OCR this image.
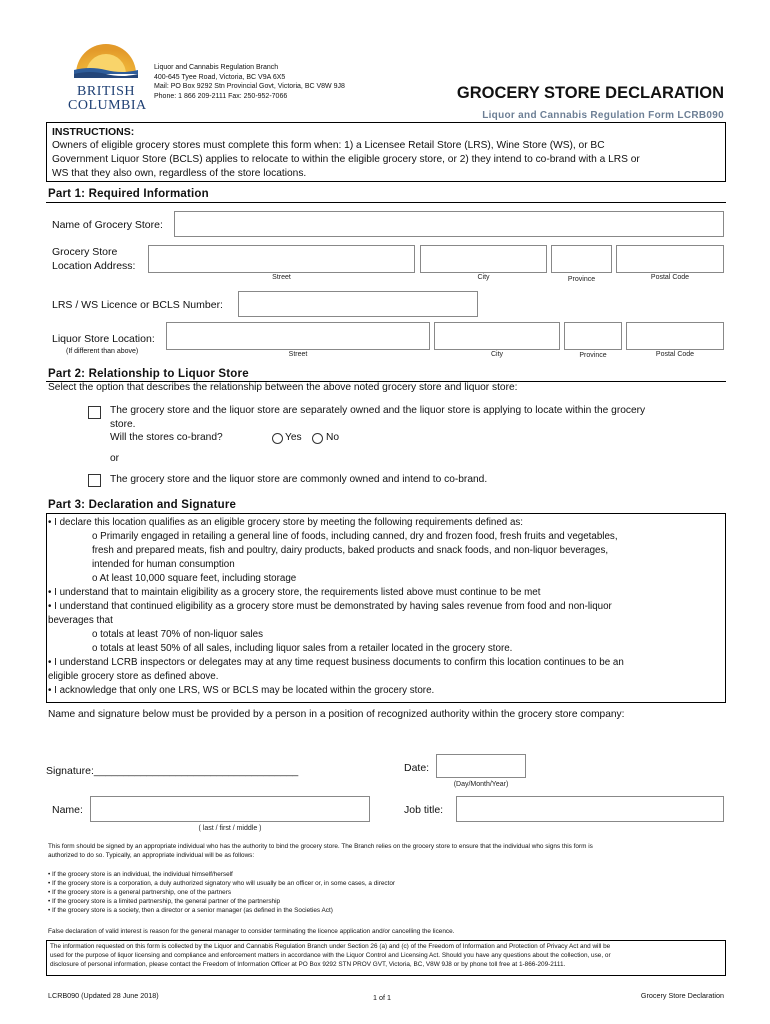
BRITISH COLUMBIA
Liquor and Cannabis Regulation Branch
400-645 Tyee Road, Victoria, BC V9A 6X5
Mail: PO Box 9292 Stn Provincial Govt, Victoria, BC V8W 9J8
Phone: 1 866 209-2111 Fax: 250-952-7066	GROCERY STORE DECLARATION
Liquor and Cannabis Regulation Form LCRB090
INSTRUCTIONS:
Owners of eligible grocery stores must complete this form when: 1) a Licensee Retail Store (LRS), Wine Store (WS), or BC
Government Liquor Store (BCLS) applies to relocate to within the eligible grocery store, or 2) they intend to co-brand with a LRS or
WS that they also own, regardless of the store locations.
Part 1: Required Information
Name of Grocery Store:
Grocery Store
Location Address:
Street	City	Province	Postal Code
LRS / WS Licence or BCLS Number:
Liquor Store Location:
(If different than above)	Street	City	Province	Postal Code
Part 2: Relationship to Liquor Store
Select the option that describes the relationship between the above noted grocery store and liquor store:
The grocery store and the liquor store are separately owned and the liquor store is applying to locate within the grocery
store.
Will the stores co-brand?	Yes No
or
The grocery store and the liquor store are commonly owned and intend to co-brand.
Part 3: Declaration and Signature
• I declare this location qualifies as an eligible grocery store by meeting the following requirements defined as:
o Primarily engaged in retailing a general line of foods, including canned, dry and frozen food, fresh fruits and vegetables,
fresh and prepared meats, fish and poultry, dairy products, baked products and snack foods, and non-liquor beverages,
intended for human consumption
o At least 10,000 square feet, including storage
• I understand that to maintain eligibility as a grocery store, the requirements listed above must continue to be met
• I understand that continued eligibility as a grocery store must be demonstrated by having sales revenue from food and non-liquor
beverages that
o totals at least 70% of non-liquor sales
o totals at least 50% of all sales, including liquor sales from a retailer located in the grocery store.
• I understand LCRB inspectors or delegates may at any time request business documents to confirm this location continues to be an
eligible grocery store as defined above.
• I acknowledge that only one LRS, WS or BCLS may be located within the grocery store.
Name and signature below must be provided by a person in a position of recognized authority within the grocery store company:
Signature:___________________________________	Date:
(Day/Month/Year)
Name:
( last / first / middle )
Job title:
This form should be signed by an appropriate individual who has the authority to bind the grocery store. The Branch relies on the grocery store to ensure that the individual who signs this form is
authorized to do so. Typically, an appropriate individual will be as follows:
• If the grocery store is an individual, the individual himself/herself
• If the grocery store is a corporation, a duly authorized signatory who will usually be an officer or, in some cases, a director
• If the grocery store is a general partnership, one of the partners
• If the grocery store is a limited partnership, the general partner of the partnership
• If the grocery store is a society, then a director or a senior manager (as defined in the Societies Act)
False declaration of valid interest is reason for the general manager to consider terminating the licence application and/or cancelling the licence.
The information requested on this form is collected by the Liquor and Cannabis Regulation Branch under Section 26 (a) and (c) of the Freedom of Information and Protection of Privacy Act and will be
used for the purpose of liquor licensing and compliance and enforcement matters in accordance with the Liquor Control and Licensing Act. Should you have any questions about the collection, use, or
disclosure of personal information, please contact the Freedom of Information Officer at PO Box 9292 STN PROV GVT, Victoria, BC, V8W 9J8 or by phone toll free at 1-866-209-2111.
LCRB090 (Updated 28 June 2018)	1 of 1	Grocery Store Declaration
